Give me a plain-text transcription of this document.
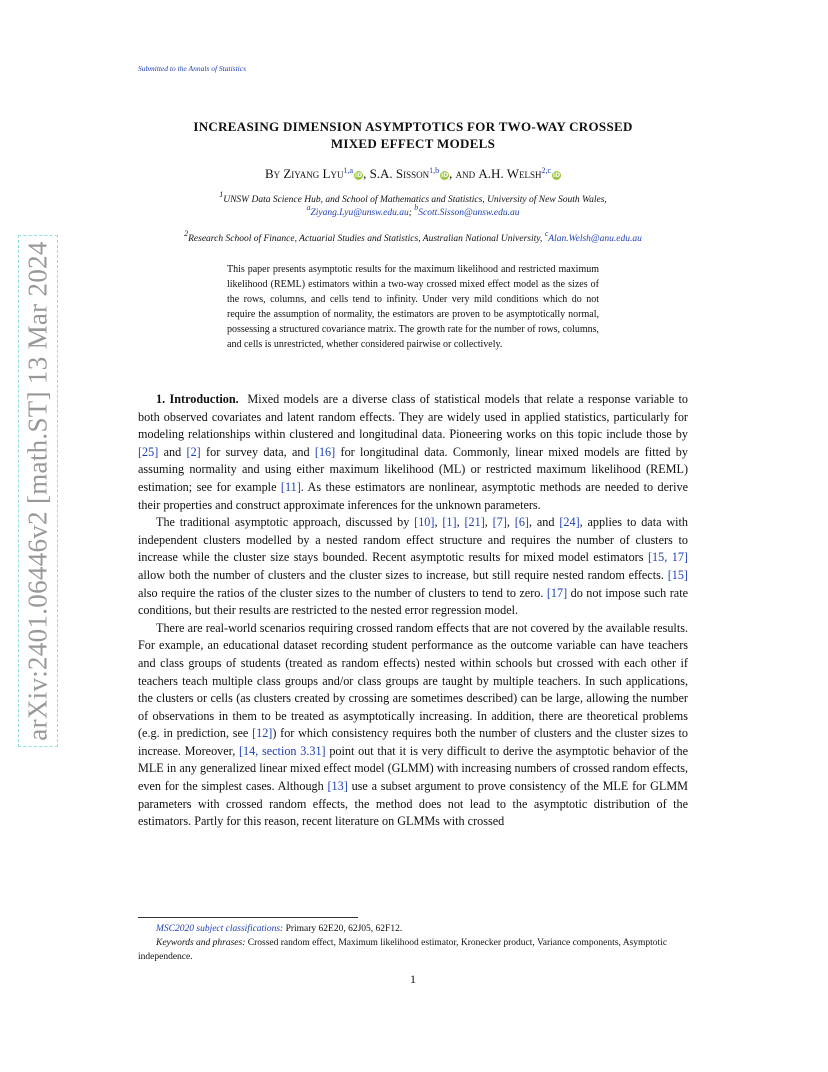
arXiv:2401.06446v2 [math.ST] 13 Mar 2024
Submitted to the Annals of Statistics
INCREASING DIMENSION ASYMPTOTICS FOR TWO-WAY CROSSED
MIXED EFFECT MODELS
By Ziyang Lyu$^{1,a}$iD, S.A. Sisson$^{1,b}$iD, and A.H. Welsh$^{2,c}$iD
$^1$UNSW Data Science Hub, and School of Mathematics and Statistics, University of New South Wales,
$^a$Ziyang.Lyu@unsw.edu.au; $^b$Scott.Sisson@unsw.edu.au
$^2$Research School of Finance, Actuarial Studies and Statistics, Australian National University, $^c$Alan.Welsh@anu.edu.au
This paper presents asymptotic results for the maximum likelihood and restricted maximum likelihood (REML) estimators within a two-way crossed mixed effect model as the sizes of the rows, columns, and cells tend to infinity. Under very mild conditions which do not require the assumption of normality, the estimators are proven to be asymptotically normal, possessing a structured covariance matrix. The growth rate for the number of rows, columns, and cells is unrestricted, whether considered pairwise or collectively.

1. Introduction. Mixed models are a diverse class of statistical models that relate a response variable to both observed covariates and latent random effects. They are widely used in applied statistics, particularly for modeling relationships within clustered and longitudinal data. Pioneering works on this topic include those by [25] and [2] for survey data, and [16] for longitudinal data. Commonly, linear mixed models are fitted by assuming normality and using either maximum likelihood (ML) or restricted maximum likelihood (REML) estimation; see for example [11]. As these estimators are nonlinear, asymptotic methods are needed to derive their properties and construct approximate inferences for the unknown parameters.

The traditional asymptotic approach, discussed by [10], [1], [21], [7], [6], and [24], applies to data with independent clusters modelled by a nested random effect structure and requires the number of clusters to increase while the cluster size stays bounded. Recent asymptotic results for mixed model estimators [15, 17] allow both the number of clusters and the cluster sizes to increase, but still require nested random effects. [15] also require the ratios of the cluster sizes to the number of clusters to tend to zero. [17] do not impose such rate conditions, but their results are restricted to the nested error regression model.

There are real-world scenarios requiring crossed random effects that are not covered by the available results. For example, an educational dataset recording student performance as the outcome variable can have teachers and class groups of students (treated as random effects) nested within schools but crossed with each other if teachers teach multiple class groups and/or class groups are taught by multiple teachers. In such applications, the clusters or cells (as clusters created by crossing are sometimes described) can be large, allowing the number of observations in them to be treated as asymptotically increasing. In addition, there are theoretical problems (e.g. in prediction, see [12]) for which consistency requires both the number of clusters and the cluster sizes to increase. Moreover, [14, section 3.31] point out that it is very difficult to derive the asymptotic behavior of the MLE in any generalized linear mixed effect model (GLMM) with increasing numbers of crossed random effects, even for the simplest cases. Although [13] use a subset argument to prove consistency of the MLE for GLMM parameters with crossed random effects, the method does not lead to the asymptotic distribution of the estimators. Partly for this reason, recent literature on GLMMs with crossed

MSC2020 subject classifications: Primary 62E20, 62J05, 62F12.

Keywords and phrases: Crossed random effect, Maximum likelihood estimator, Kronecker product, Variance components, Asymptotic independence.

1
